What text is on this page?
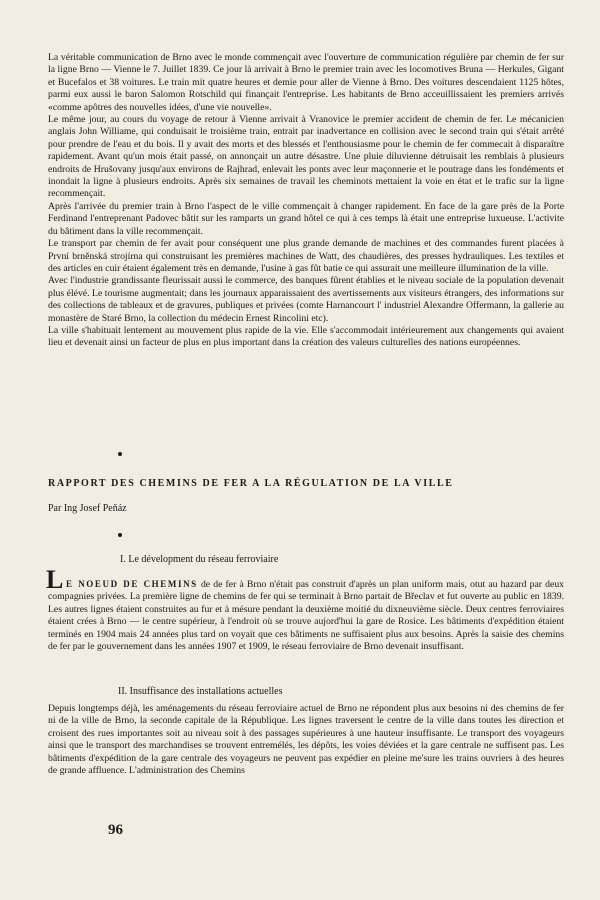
La véritable communication de Brno avec le monde commençait avec l'ouverture de communication régulière par chemin de fer sur la ligne Brno — Vienne le 7. Juillet 1839. Ce jour là arrivait à Brno le premier train avec les locomotives Bruna — Herkules, Gigant et Bucefalos et 38 voitures. Le train mit quatre heures et demie pour aller de Vienne à Brno. Des voitures descendaient 1125 hôtes, parmi eux aussi le baron Salomon Rotschild qui finançait l'entreprise. Les habitants de Brno acceuillissaient les premiers arrivés «comme apôtres des nouvelles idées, d'une vie nouvelle».
Le même jour, au cours du voyage de retour à Vienne arrivait à Vranovice le premier accident de chemin de fer. Le mécanicien anglais John Williame, qui conduisait le troisième train, entrait par inadvertance en collision avec le second train qui s'était arrêté pour prendre de l'eau et du bois. Il y avait des morts et des blessés et l'enthousiasme pour le chemin de fer commecait à disparaître rapidement. Avant qu'un mois était passé, on annonçait un autre désastre. Une pluie diluvienne détruisait les remblais à plusieurs endroits de Hrušovany jusqu'aux environs de Rajhrad, enlevait les ponts avec leur maçonnerie et le poutrage dans les fondéments et inondait la ligne à plusieurs endroits. Après six semaines de travail les cheminots mettaient la voie en état et le trafic sur la ligne recommençait.
Après l'arrivée du premier train à Brno l'aspect de le ville commençait à changer rapidement. En face de la gare près de la Porte Ferdinand l'entreprenant Padovec bâtit sur les ramparts un grand hôtel ce qui à ces temps là était une entreprise luxueuse. L'activite du bâtiment dans la ville recommençait.
Le transport par chemin de fer avait pour conséquent une plus grande demande de machines et des commandes furent placées à První brněnská strojírna qui construisant les premières machines de Watt, des chaudières, des presses hydrauliques. Les textiles et des articles en cuir étaient également très en demande, l'usine à gas fût batie ce qui assurait une meilleure illumination de la ville.
Avec l'industrie grandissante fleurissait aussi le commerce, des banques fûrent établies et le niveau sociale de la population devenait plus élévé. Le tourisme augmentait; dans les journaux apparaissaient des avertissements aux visiteurs étrangers, des informations sur des collections de tableaux et de gravures, publiques et privées (comte Harnancourt l' industriel Alexandre Offermann, la gallerie au monastère de Staré Brno, la collection du médecin Ernest Rincolini etc).
La ville s'habituait lentement au mouvement plus rapide de la vie. Elle s'accommodait intérieurement aux changements qui avaient lieu et devenait ainsi un facteur de plus en plus important dans la création des valeurs culturelles des nations européennes.

RAPPORT DES CHEMINS DE FER A LA RÉGULATION DE LA VILLE

Par Ing Josef Peňáz

I. Le dévelopment du réseau ferroviaire

L E NOEUD DE CHEMINS de de fer à Brno n'était pas construit d'après un plan uniform mais, otut au hazard par deux compagnies privées. La première ligne de chemins de fer qui se terminait à Brno partait de Břeclav et fut ouverte au public en 1839. Les autres lignes étaient construites au fur et à mésure pendant la deuxième moitié du dixneuvième siècle. Deux centres ferroviaires étaient crées à Brno — le centre supérieur, à l'endroit où se trouve aujord'hui la gare de Rosice. Les bâtiments d'expédition étaient terminés en 1904 mais 24 années plus tard on voyait que ces bâtiments ne suffisaient plus aux besoins. Après la saisie des chemins de fer par le gouvernement dans les années 1907 et 1909, le réseau ferroviaire de Brno devenait insuffisant.

II. Insuffisance des installations actuelles

Depuis longtemps déjà, les aménagements du réseau ferroviaire actuel de Brno ne répondent plus aux besoins ni des chemins de fer ni de la ville de Brno, la seconde capitale de la République. Les lignes traversent le centre de la ville dans toutes les direction et croisent des rues importantes soit au niveau soit à des passages supérieures à une hauteur insuffisante. Le transport des voyageurs ainsi que le transport des marchandises se trouvent entremélés, les dépôts, les voies déviées et la gare centrale ne suffisent pas. Les bâtiments d'expédition de la gare centrale des voyageurs ne peuvent pas expédier en pleine me'sure les trains ouvriers à des heures de grande affluence. L'administration des Chemins

96
